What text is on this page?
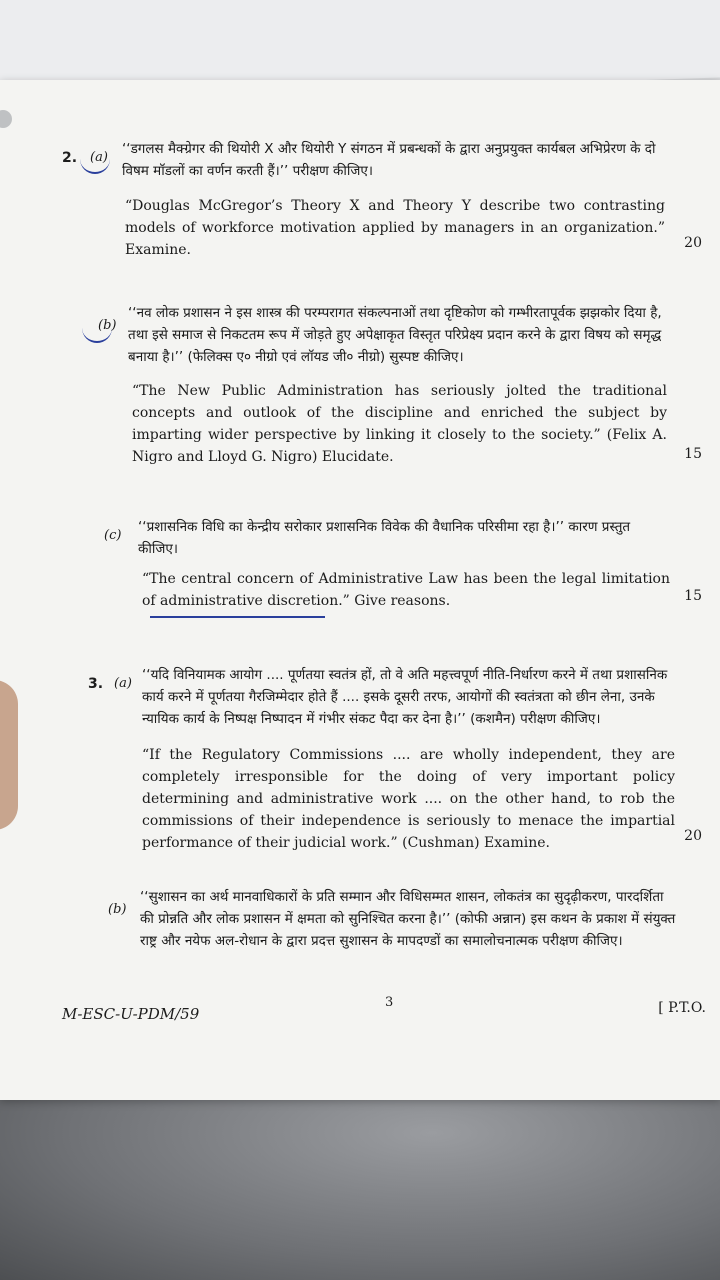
2. (a)
‘‘डगलस मैक्ग्रेगर की थियोरी X और थियोरी Y संगठन में प्रबन्धकों के द्वारा अनुप्रयुक्त कार्यबल अभिप्रेरण के दो विषम मॉडलों का वर्णन करती हैं।’’ परीक्षण कीजिए।
“Douglas McGregor’s Theory X and Theory Y describe two contrasting models of workforce motivation applied by managers in an organization.” Examine.	20
(b)
‘‘नव लोक प्रशासन ने इस शास्त्र की परम्परागत संकल्पनाओं तथा दृष्टिकोण को गम्भीरतापूर्वक झझकोर दिया है, तथा इसे समाज से निकटतम रूप में जोड़ते हुए अपेक्षाकृत विस्तृत परिप्रेक्ष्य प्रदान करने के द्वारा विषय को समृद्ध बनाया है।’’ (फेलिक्स ए० नीग्रो एवं लॉयड जी० नीग्रो) सुस्पष्ट कीजिए।
“The New Public Administration has seriously jolted the traditional concepts and outlook of the discipline and enriched the subject by imparting wider perspective by linking it closely to the society.” (Felix A. Nigro and Lloyd G. Nigro) Elucidate.	15
(c)
‘‘प्रशासनिक विधि का केन्द्रीय सरोकार प्रशासनिक विवेक की वैधानिक परिसीमा रहा है।’’ कारण प्रस्तुत कीजिए।
“The central concern of Administrative Law has been the legal limitation of administrative discretion.” Give reasons.	15
3. (a)
‘‘यदि विनियामक आयोग .... पूर्णतया स्वतंत्र हों, तो वे अति महत्त्वपूर्ण नीति-निर्धारण करने में तथा प्रशासनिक कार्य करने में पूर्णतया गैरजिम्मेदार होते हैं .... इसके दूसरी तरफ, आयोगों की स्वतंत्रता को छीन लेना, उनके न्यायिक कार्य के निष्पक्ष निष्पादन में गंभीर संकट पैदा कर देना है।’’ (कशमैन) परीक्षण कीजिए।
“If the Regulatory Commissions .... are wholly independent, they are completely irresponsible for the doing of very important policy determining and administrative work .... on the other hand, to rob the commissions of their independence is seriously to menace the impartial performance of their judicial work.” (Cushman) Examine.	20
(b)
‘‘सुशासन का अर्थ मानवाधिकारों के प्रति सम्मान और विधिसम्मत शासन, लोकतंत्र का सुदृढ़ीकरण, पारदर्शिता की प्रोन्नति और लोक प्रशासन में क्षमता को सुनिश्चित करना है।’’ (कोफी अन्नान) इस कथन के प्रकाश में संयुक्त राष्ट्र और नयेफ अल-रोधान के द्वारा प्रदत्त सुशासन के मापदण्डों का समालोचनात्मक परीक्षण कीजिए।
M-ESC-U-PDM/59
3	[ P.T.O.
